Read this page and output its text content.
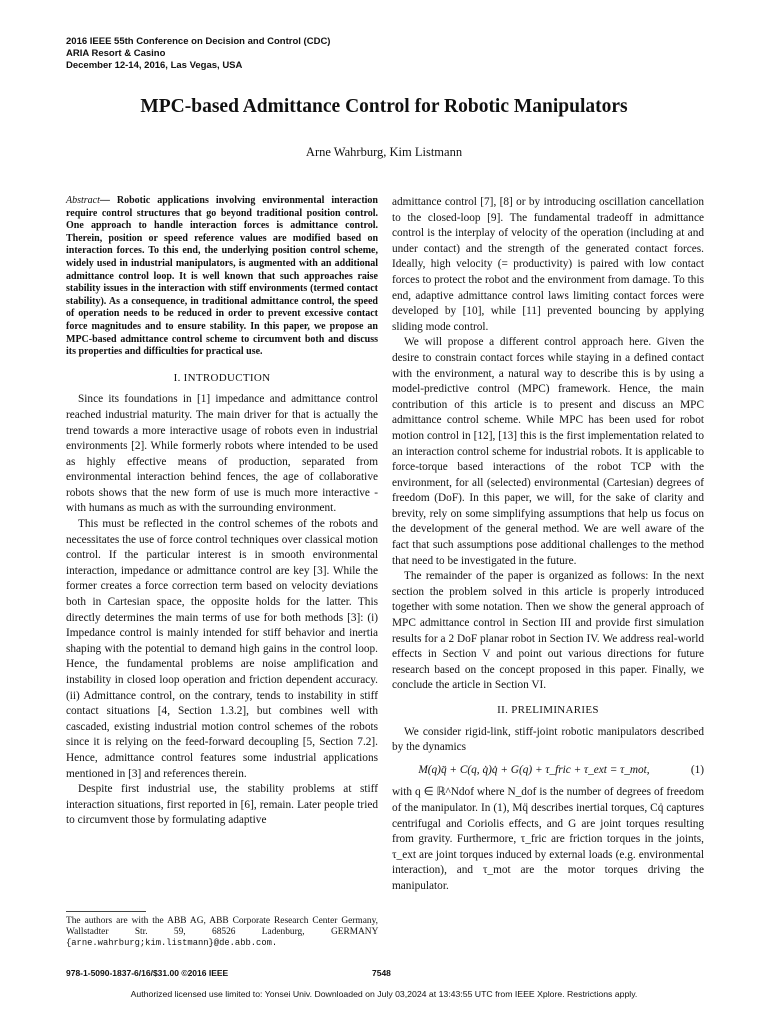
2016 IEEE 55th Conference on Decision and Control (CDC)
ARIA Resort & Casino
December 12-14, 2016, Las Vegas, USA
MPC-based Admittance Control for Robotic Manipulators
Arne Wahrburg, Kim Listmann
Abstract— Robotic applications involving environmental interaction require control structures that go beyond traditional position control. One approach to handle interaction forces is admittance control. Therein, position or speed reference values are modified based on interaction forces. To this end, the underlying position control scheme, widely used in industrial manipulators, is augmented with an additional admittance control loop. It is well known that such approaches raise stability issues in the interaction with stiff environments (termed contact stability). As a consequence, in traditional admittance control, the speed of operation needs to be reduced in order to prevent excessive contact force magnitudes and to ensure stability. In this paper, we propose an MPC-based admittance control scheme to circumvent both and discuss its properties and difficulties for practical use.
I. INTRODUCTION

Since its foundations in [1] impedance and admittance control reached industrial maturity. The main driver for that is actually the trend towards a more interactive usage of robots even in industrial environments [2]. While formerly robots where intended to be used as highly effective means of production, separated from environmental interaction behind fences, the age of collaborative robots shows that the new form of use is much more interactive - with humans as much as with the surrounding environment.

This must be reflected in the control schemes of the robots and necessitates the use of force control techniques over classical motion control. If the particular interest is in smooth environmental interaction, impedance or admittance control are key [3]. While the former creates a force correction term based on velocity deviations both in Cartesian space, the opposite holds for the latter. This directly determines the main terms of use for both methods [3]: (i) Impedance control is mainly intended for stiff behavior and inertia shaping with the potential to demand high gains in the control loop. Hence, the fundamental problems are noise amplification and instability in closed loop operation and friction dependent accuracy. (ii) Admittance control, on the contrary, tends to instability in stiff contact situations [4, Section 1.3.2], but combines well with cascaded, existing industrial motion control schemes of the robots since it is relying on the feed-forward decoupling [5, Section 7.2]. Hence, admittance control features some industrial applications mentioned in [3] and references therein.

Despite first industrial use, the stability problems at stiff interaction situations, first reported in [6], remain. Later people tried to circumvent those by formulating adaptive

admittance control [7], [8] or by introducing oscillation cancellation to the closed-loop [9]. The fundamental tradeoff in admittance control is the interplay of velocity of the operation (including at and under contact) and the strength of the generated contact forces. Ideally, high velocity (= productivity) is paired with low contact forces to protect the robot and the environment from damage. To this end, adaptive admittance control laws limiting contact forces were developed by [10], while [11] prevented bouncing by applying sliding mode control.

We will propose a different control approach here. Given the desire to constrain contact forces while staying in a defined contact with the environment, a natural way to describe this is by using a model-predictive control (MPC) framework. Hence, the main contribution of this article is to present and discuss an MPC admittance control scheme. While MPC has been used for robot motion control in [12], [13] this is the first implementation related to an interaction control scheme for industrial robots. It is applicable to force-torque based interactions of the robot TCP with the environment, for all (selected) environmental (Cartesian) degrees of freedom (DoF). In this paper, we will, for the sake of clarity and brevity, rely on some simplifying assumptions that help us focus on the development of the general method. We are well aware of the fact that such assumptions pose additional challenges to the method that need to be investigated in the future.

The remainder of the paper is organized as follows: In the next section the problem solved in this article is properly introduced together with some notation. Then we show the general approach of MPC admittance control in Section III and provide first simulation results for a 2 DoF planar robot in Section IV. We address real-world effects in Section V and point out various directions for future research based on the concept proposed in this paper. Finally, we conclude the article in Section VI.

II. PRELIMINARIES

We consider rigid-link, stiff-joint robotic manipulators described by the dynamics

M(q)q̈ + C(q, q̇)q̇ + G(q) + τ_fric + τ_ext = τ_mot,	(1)

with q ∈ ℝ^Ndof where N_dof is the number of degrees of freedom of the manipulator. In (1), Mq̈ describes inertial torques, Cq̇ captures centrifugal and Coriolis effects, and G are joint torques resulting from gravity. Furthermore, τ_fric are friction torques in the joints, τ_ext are joint torques induced by external loads (e.g. environmental interaction), and τ_mot are the motor torques driving the manipulator.

The authors are with the ABB AG, ABB Corporate Research Center Germany, Wallstadter Str. 59, 68526 Ladenburg, GERMANY {arne.wahrburg;kim.listmann}@de.abb.com.
978-1-5090-1837-6/16/$31.00 ©2016 IEEE	7548
Authorized licensed use limited to: Yonsei Univ. Downloaded on July 03,2024 at 13:43:55 UTC from IEEE Xplore. Restrictions apply.
